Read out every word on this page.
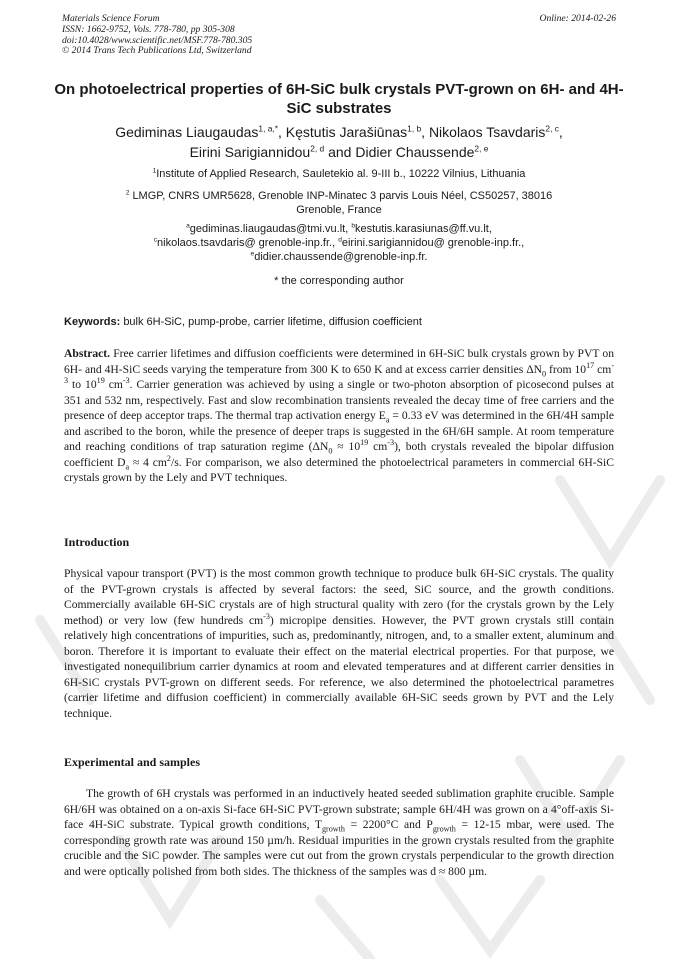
Materials Science Forum
ISSN: 1662-9752, Vols. 778-780, pp 305-308
doi:10.4028/www.scientific.net/MSF.778-780.305
© 2014 Trans Tech Publications Ltd, Switzerland
Online: 2014-02-26
On photoelectrical properties of 6H-SiC bulk crystals PVT-grown on 6H- and 4H-SiC substrates
Gediminas Liaugaudas$^{1, a,*}$, Kęstutis Jarašiūnas$^{1, b}$, Nikolaos Tsavdaris$^{2, c}$,
Eirini Sarigiannidou$^{2, d}$ and Didier Chaussende$^{2, e}$
$^1$Institute of Applied Research, Sauletekio al. 9-III b., 10222 Vilnius, Lithuania
$^2$ LMGP, CNRS UMR5628, Grenoble INP-Minatec 3 parvis Louis Néel, CS50257, 38016
Grenoble, France
$^a$gediminas.liaugaudas@tmi.vu.lt, $^b$kestutis.karasiunas@ff.vu.lt,
$^c$nikolaos.tsavdaris@ grenoble-inp.fr., $^d$eirini.sarigiannidou@ grenoble-inp.fr.,
$^e$didier.chaussende@grenoble-inp.fr.
* the corresponding author
Keywords: bulk 6H-SiC, pump-probe, carrier lifetime, diffusion coefficient
Abstract. Free carrier lifetimes and diffusion coefficients were determined in 6H-SiC bulk crystals grown by PVT on 6H- and 4H-SiC seeds varying the temperature from 300 K to 650 K and at excess carrier densities $\Delta N_0$ from $10^{17}$ $cm^{-3}$ to $10^{19}$ $cm^{-3}$. Carrier generation was achieved by using a single or two-photon absorption of picosecond pulses at 351 and 532 nm, respectively. Fast and slow recombination transients revealed the decay time of free carriers and the presence of deep acceptor traps. The thermal trap activation energy $E_a = 0.33$ eV was determined in the 6H/4H sample and ascribed to the boron, while the presence of deeper traps is suggested in the 6H/6H sample. At room temperature and reaching conditions of trap saturation regime ($\Delta N_0 \approx 10^{19}$ $cm^{-3}$), both crystals revealed the bipolar diffusion coefficient $D_a \approx 4$ $cm^2/s$. For comparison, we also determined the photoelectrical parameters in commercial 6H-SiC crystals grown by the Lely and PVT techniques.
Introduction
Physical vapour transport (PVT) is the most common growth technique to produce bulk 6H-SiC crystals. The quality of the PVT-grown crystals is affected by several factors: the seed, SiC source, and the growth conditions. Commercially available 6H-SiC crystals are of high structural quality with zero (for the crystals grown by the Lely method) or very low (few hundreds $cm^{-3}$) micropipe densities. However, the PVT grown crystals still contain relatively high concentrations of impurities, such as, predominantly, nitrogen, and, to a smaller extent, aluminum and boron. Therefore it is important to evaluate their effect on the material electrical properties. For that purpose, we investigated nonequilibrium carrier dynamics at room and elevated temperatures and at different carrier densities in 6H-SiC crystals PVT-grown on different seeds. For reference, we also determined the photoelectrical parametres (carrier lifetime and diffusion coefficient) in commercially available 6H-SiC seeds grown by PVT and the Lely technique.
Experimental and samples
The growth of 6H crystals was performed in an inductively heated seeded sublimation graphite crucible. Sample 6H/6H was obtained on a on-axis Si-face 6H-SiC PVT-grown substrate; sample 6H/4H was grown on a 4°off-axis Si-face 4H-SiC substrate. Typical growth conditions, $T_{growth} = 2200^\circ C$ and $P_{growth} = 12-15$ mbar, were used. The corresponding growth rate was around 150 µm/h. Residual impurities in the grown crystals resulted from the graphite crucible and the SiC powder. The samples were cut out from the grown crystals perpendicular to the growth direction and were optically polished from both sides. The thickness of the samples was d ≈ 800 µm.
